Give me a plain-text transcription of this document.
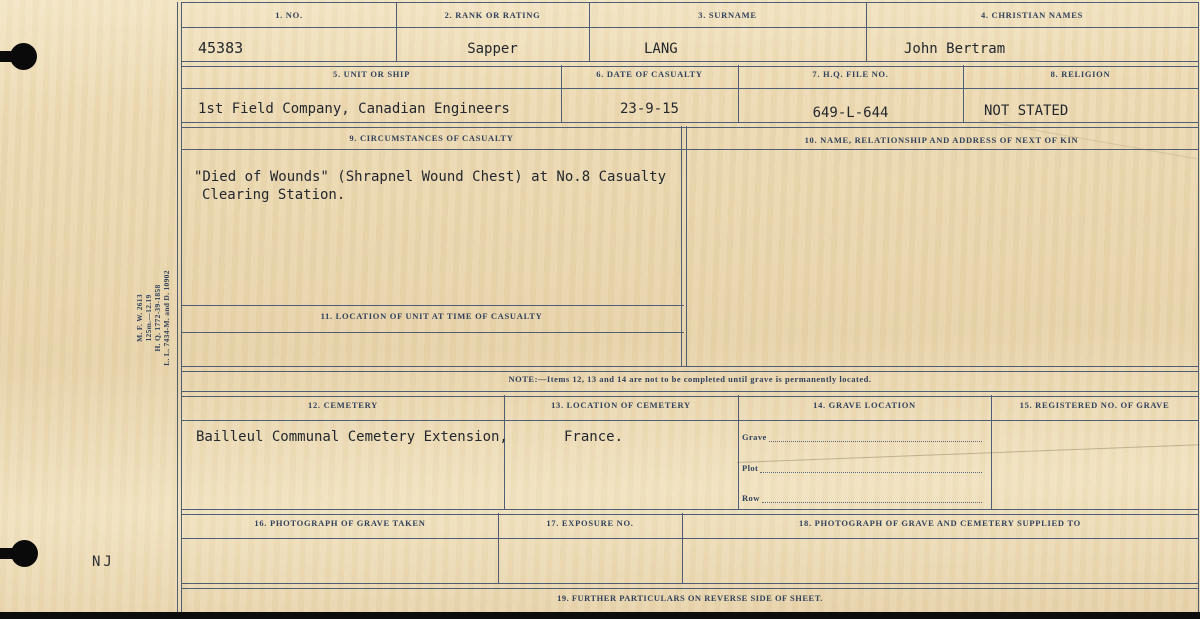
M. F. W. 2613 125m.—12.19 H. Q. 1772-39-1858 L. L. 7434-M. and D. 10902
NJ
1. NO.	2. RANK OR RATING	3. SURNAME	4. CHRISTIAN NAMES
45383	Sapper	LANG	John Bertram
5. UNIT OR SHIP	6. DATE OF CASUALTY	7. H.Q. FILE NO.	8. RELIGION
1st Field Company, Canadian Engineers	23-9-15	649-L-644	NOT STATED
9. CIRCUMSTANCES OF CASUALTY
"Died of Wounds" (Shrapnel Wound Chest) at No.8 Casualty
Clearing Station.
10. NAME, RELATIONSHIP AND ADDRESS OF NEXT OF KIN
11. LOCATION OF UNIT AT TIME OF CASUALTY
NOTE:—Items 12, 13 and 14 are not to be completed until grave is permanently located.
12. CEMETERY	13. LOCATION OF CEMETERY	14. GRAVE LOCATION	15. REGISTERED NO. OF GRAVE
Bailleul Communal Cemetery Extension,	France.	Grave
Plot
Row
16. PHOTOGRAPH OF GRAVE TAKEN	17. EXPOSURE NO.	18. PHOTOGRAPH OF GRAVE AND CEMETERY SUPPLIED TO
19. FURTHER PARTICULARS ON REVERSE SIDE OF SHEET.
